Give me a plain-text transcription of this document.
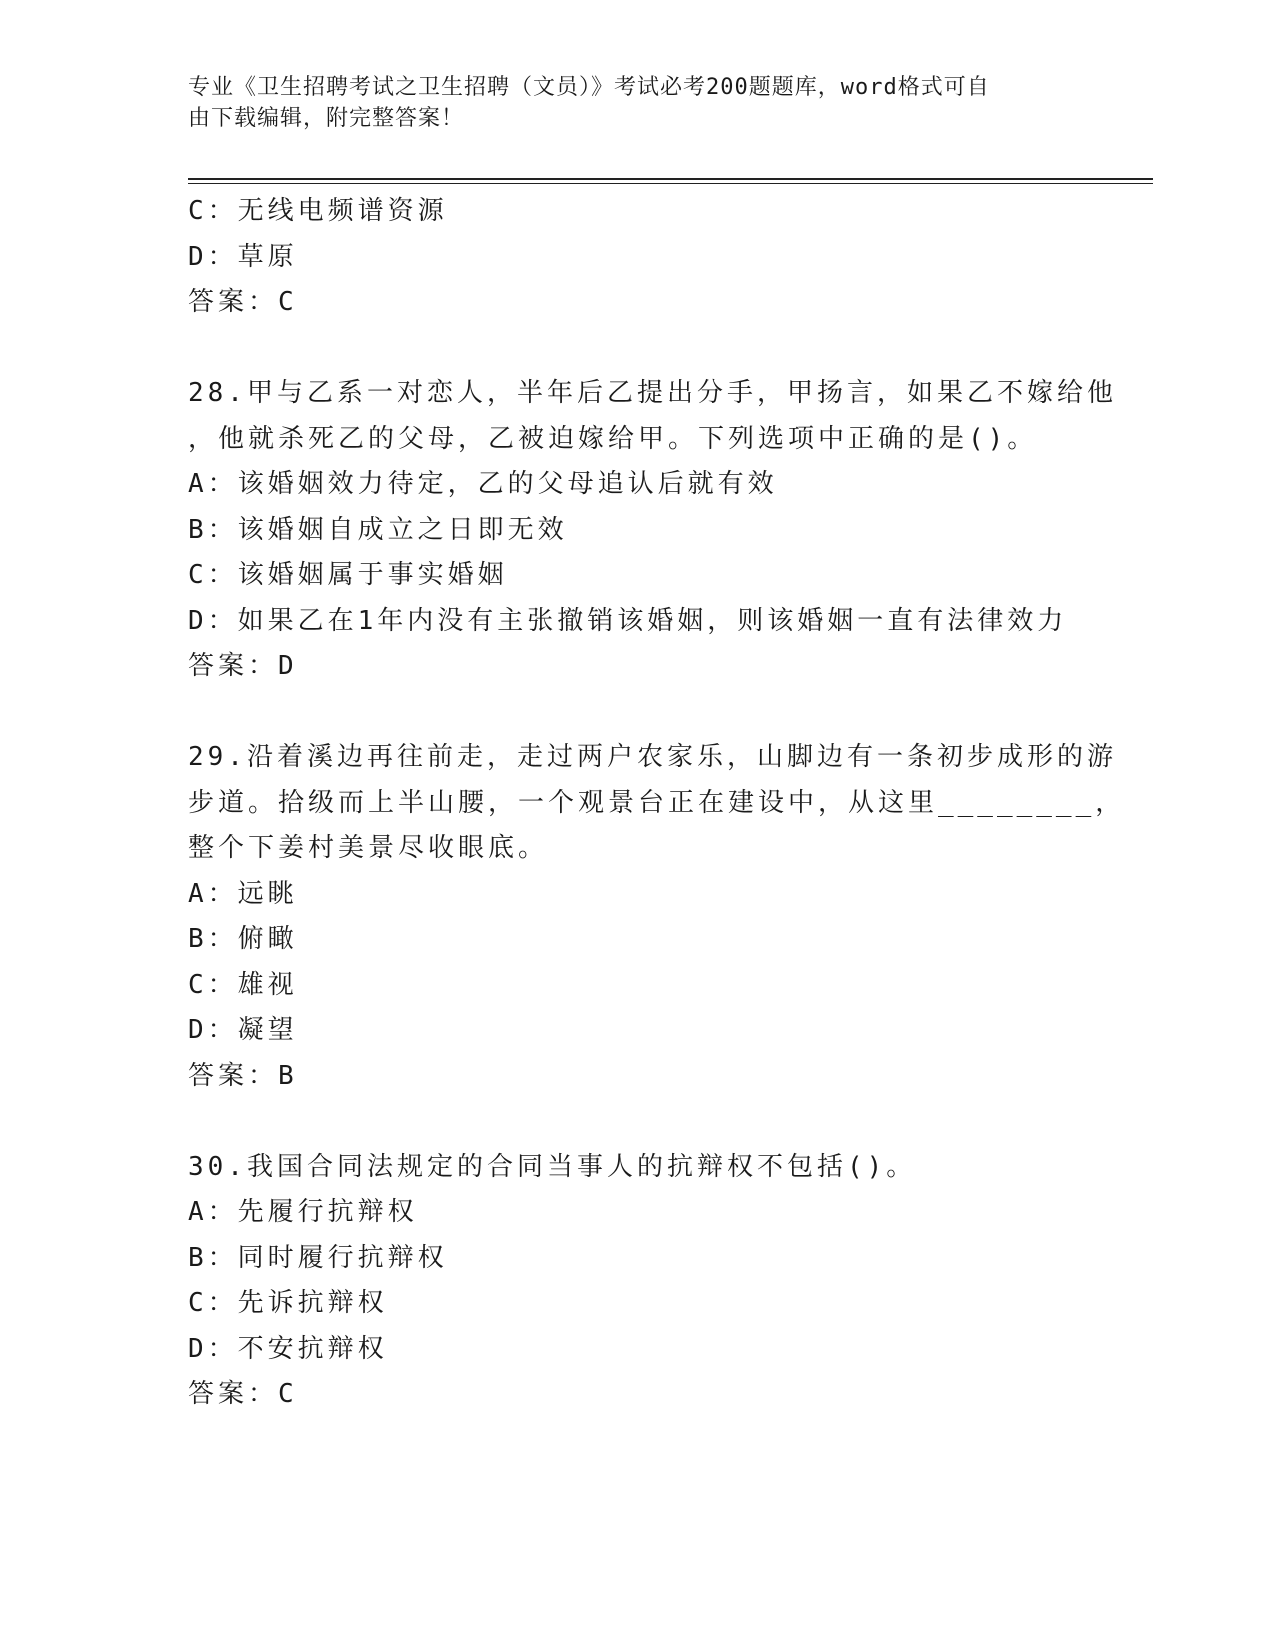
专业《卫生招聘考试之卫生招聘（文员）》考试必考200题题库，word格式可自
由下载编辑，附完整答案！
C：无线电频谱资源
D：草原
答案：C
28.甲与乙系一对恋人，半年后乙提出分手，甲扬言，如果乙不嫁给他
，他就杀死乙的父母，乙被迫嫁给甲。下列选项中正确的是()。
A：该婚姻效力待定，乙的父母追认后就有效
B：该婚姻自成立之日即无效
C：该婚姻属于事实婚姻
D：如果乙在1年内没有主张撤销该婚姻，则该婚姻一直有法律效力
答案：D
29.沿着溪边再往前走，走过两户农家乐，山脚边有一条初步成形的游
步道。拾级而上半山腰，一个观景台正在建设中，从这里________，
整个下姜村美景尽收眼底。
A：远眺
B：俯瞰
C：雄视
D：凝望
答案：B
30.我国合同法规定的合同当事人的抗辩权不包括()。
A：先履行抗辩权
B：同时履行抗辩权
C：先诉抗辩权
D：不安抗辩权
答案：C
